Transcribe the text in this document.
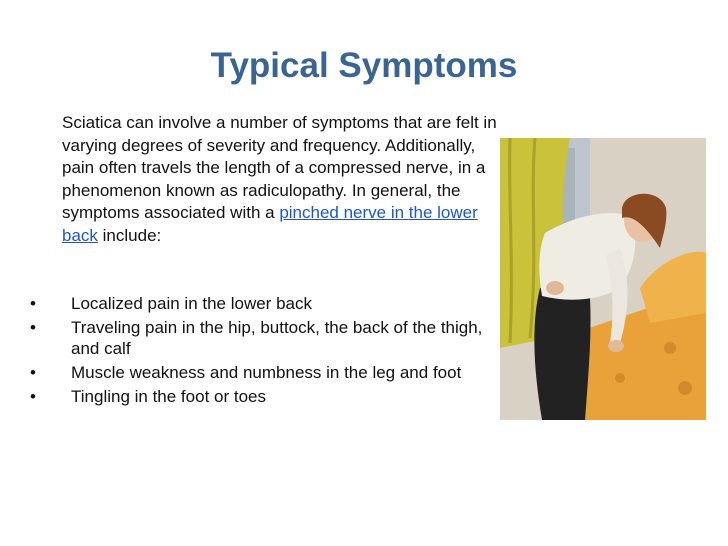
Typical Symptoms
Sciatica can involve a number of symptoms that are felt in varying degrees of severity and frequency. Additionally, pain often travels the length of a compressed nerve, in a phenomenon known as radiculopathy. In general, the symptoms associated with a pinched nerve in the lower back include:
•	Localized pain in the lower back
•	Traveling pain in the hip, buttock, the back of the thigh, and calf
•	Muscle weakness and numbness in the leg and foot
•	Tingling in the foot or toes
